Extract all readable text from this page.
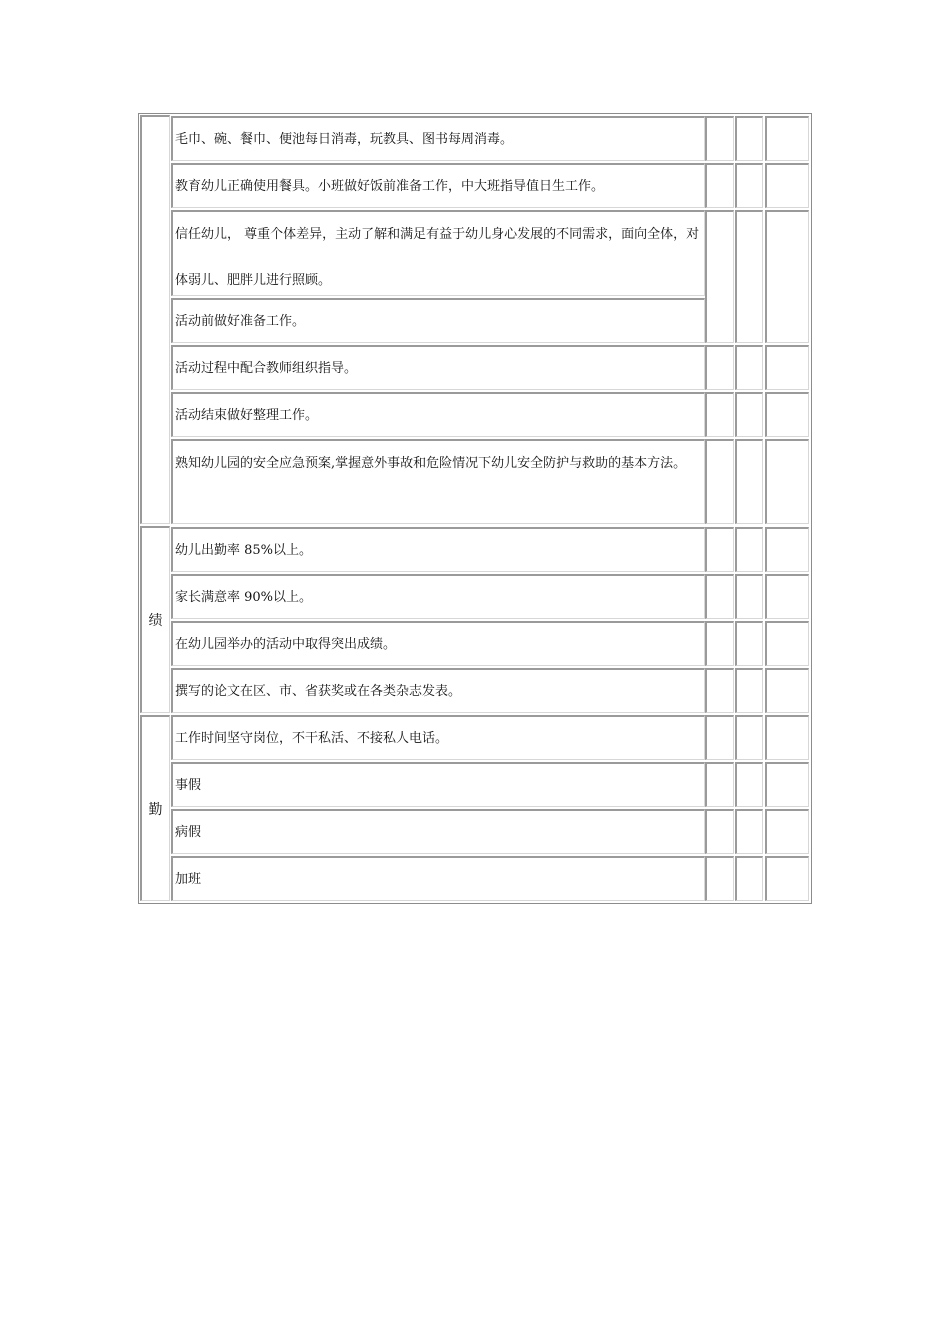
毛巾、碗、餐巾、便池每日消毒，玩教具、图书每周消毒。
教育幼儿正确使用餐具。小班做好饭前准备工作，中大班指导值日生工作。
信任幼儿， 尊重个体差异，主动了解和满足有益于幼儿身心发展的不同需求，面向全体，对体弱儿、肥胖儿进行照顾。
活动前做好准备工作。
活动过程中配合教师组织指导。
活动结束做好整理工作。
熟知幼儿园的安全应急预案,掌握意外事故和危险情况下幼儿安全防护与救助的基本方法。
绩
幼儿出勤率 85%以上。
家长满意率 90%以上。
在幼儿园举办的活动中取得突出成绩。
撰写的论文在区、市、省获奖或在各类杂志发表。
勤
工作时间坚守岗位，不干私活、不接私人电话。
事假
病假
加班
